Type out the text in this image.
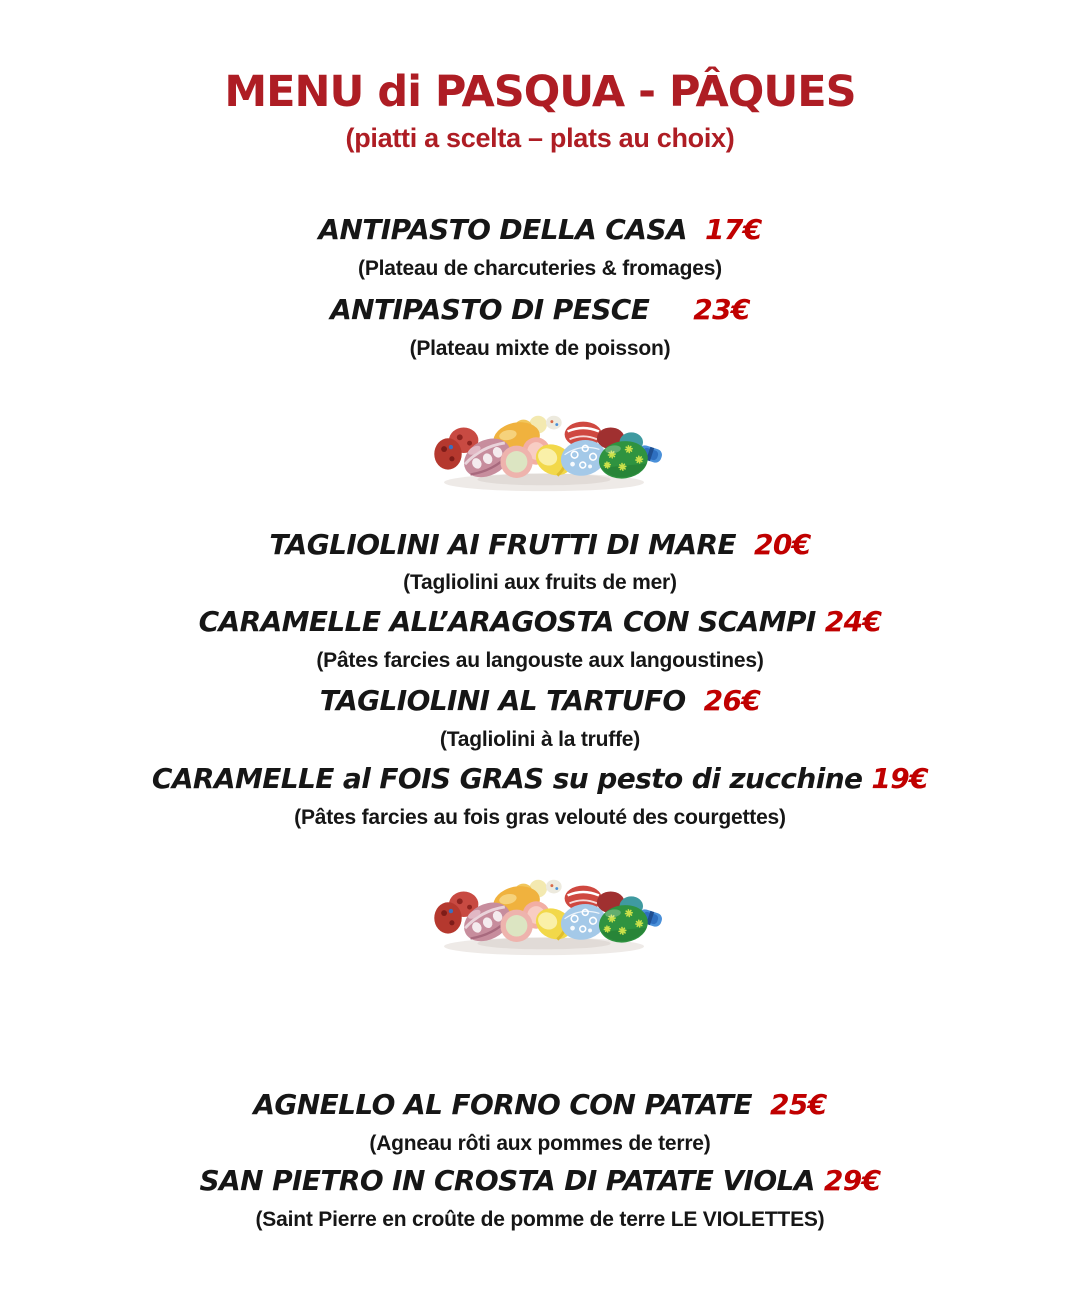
MENU di PASQUA - PÂQUES
(piatti a scelta – plats au choix)
ANTIPASTO DELLA CASA 17€
(Plateau de charcuteries & fromages)
ANTIPASTO DI PESCE 23€
(Plateau mixte de poisson)
TAGLIOLINI AI FRUTTI DI MARE 20€
(Tagliolini aux fruits de mer)
CARAMELLE ALL’ARAGOSTA CON SCAMPI 24€
(Pâtes farcies au langouste aux langoustines)
TAGLIOLINI AL TARTUFO 26€
(Tagliolini à la truffe)
CARAMELLE al FOIS GRAS su pesto di zucchine 19€
(Pâtes farcies au fois gras velouté des courgettes)
AGNELLO AL FORNO CON PATATE 25€
(Agneau rôti aux pommes de terre)
SAN PIETRO IN CROSTA DI PATATE VIOLA 29€
(Saint Pierre en croûte de pomme de terre LE VIOLETTES)
